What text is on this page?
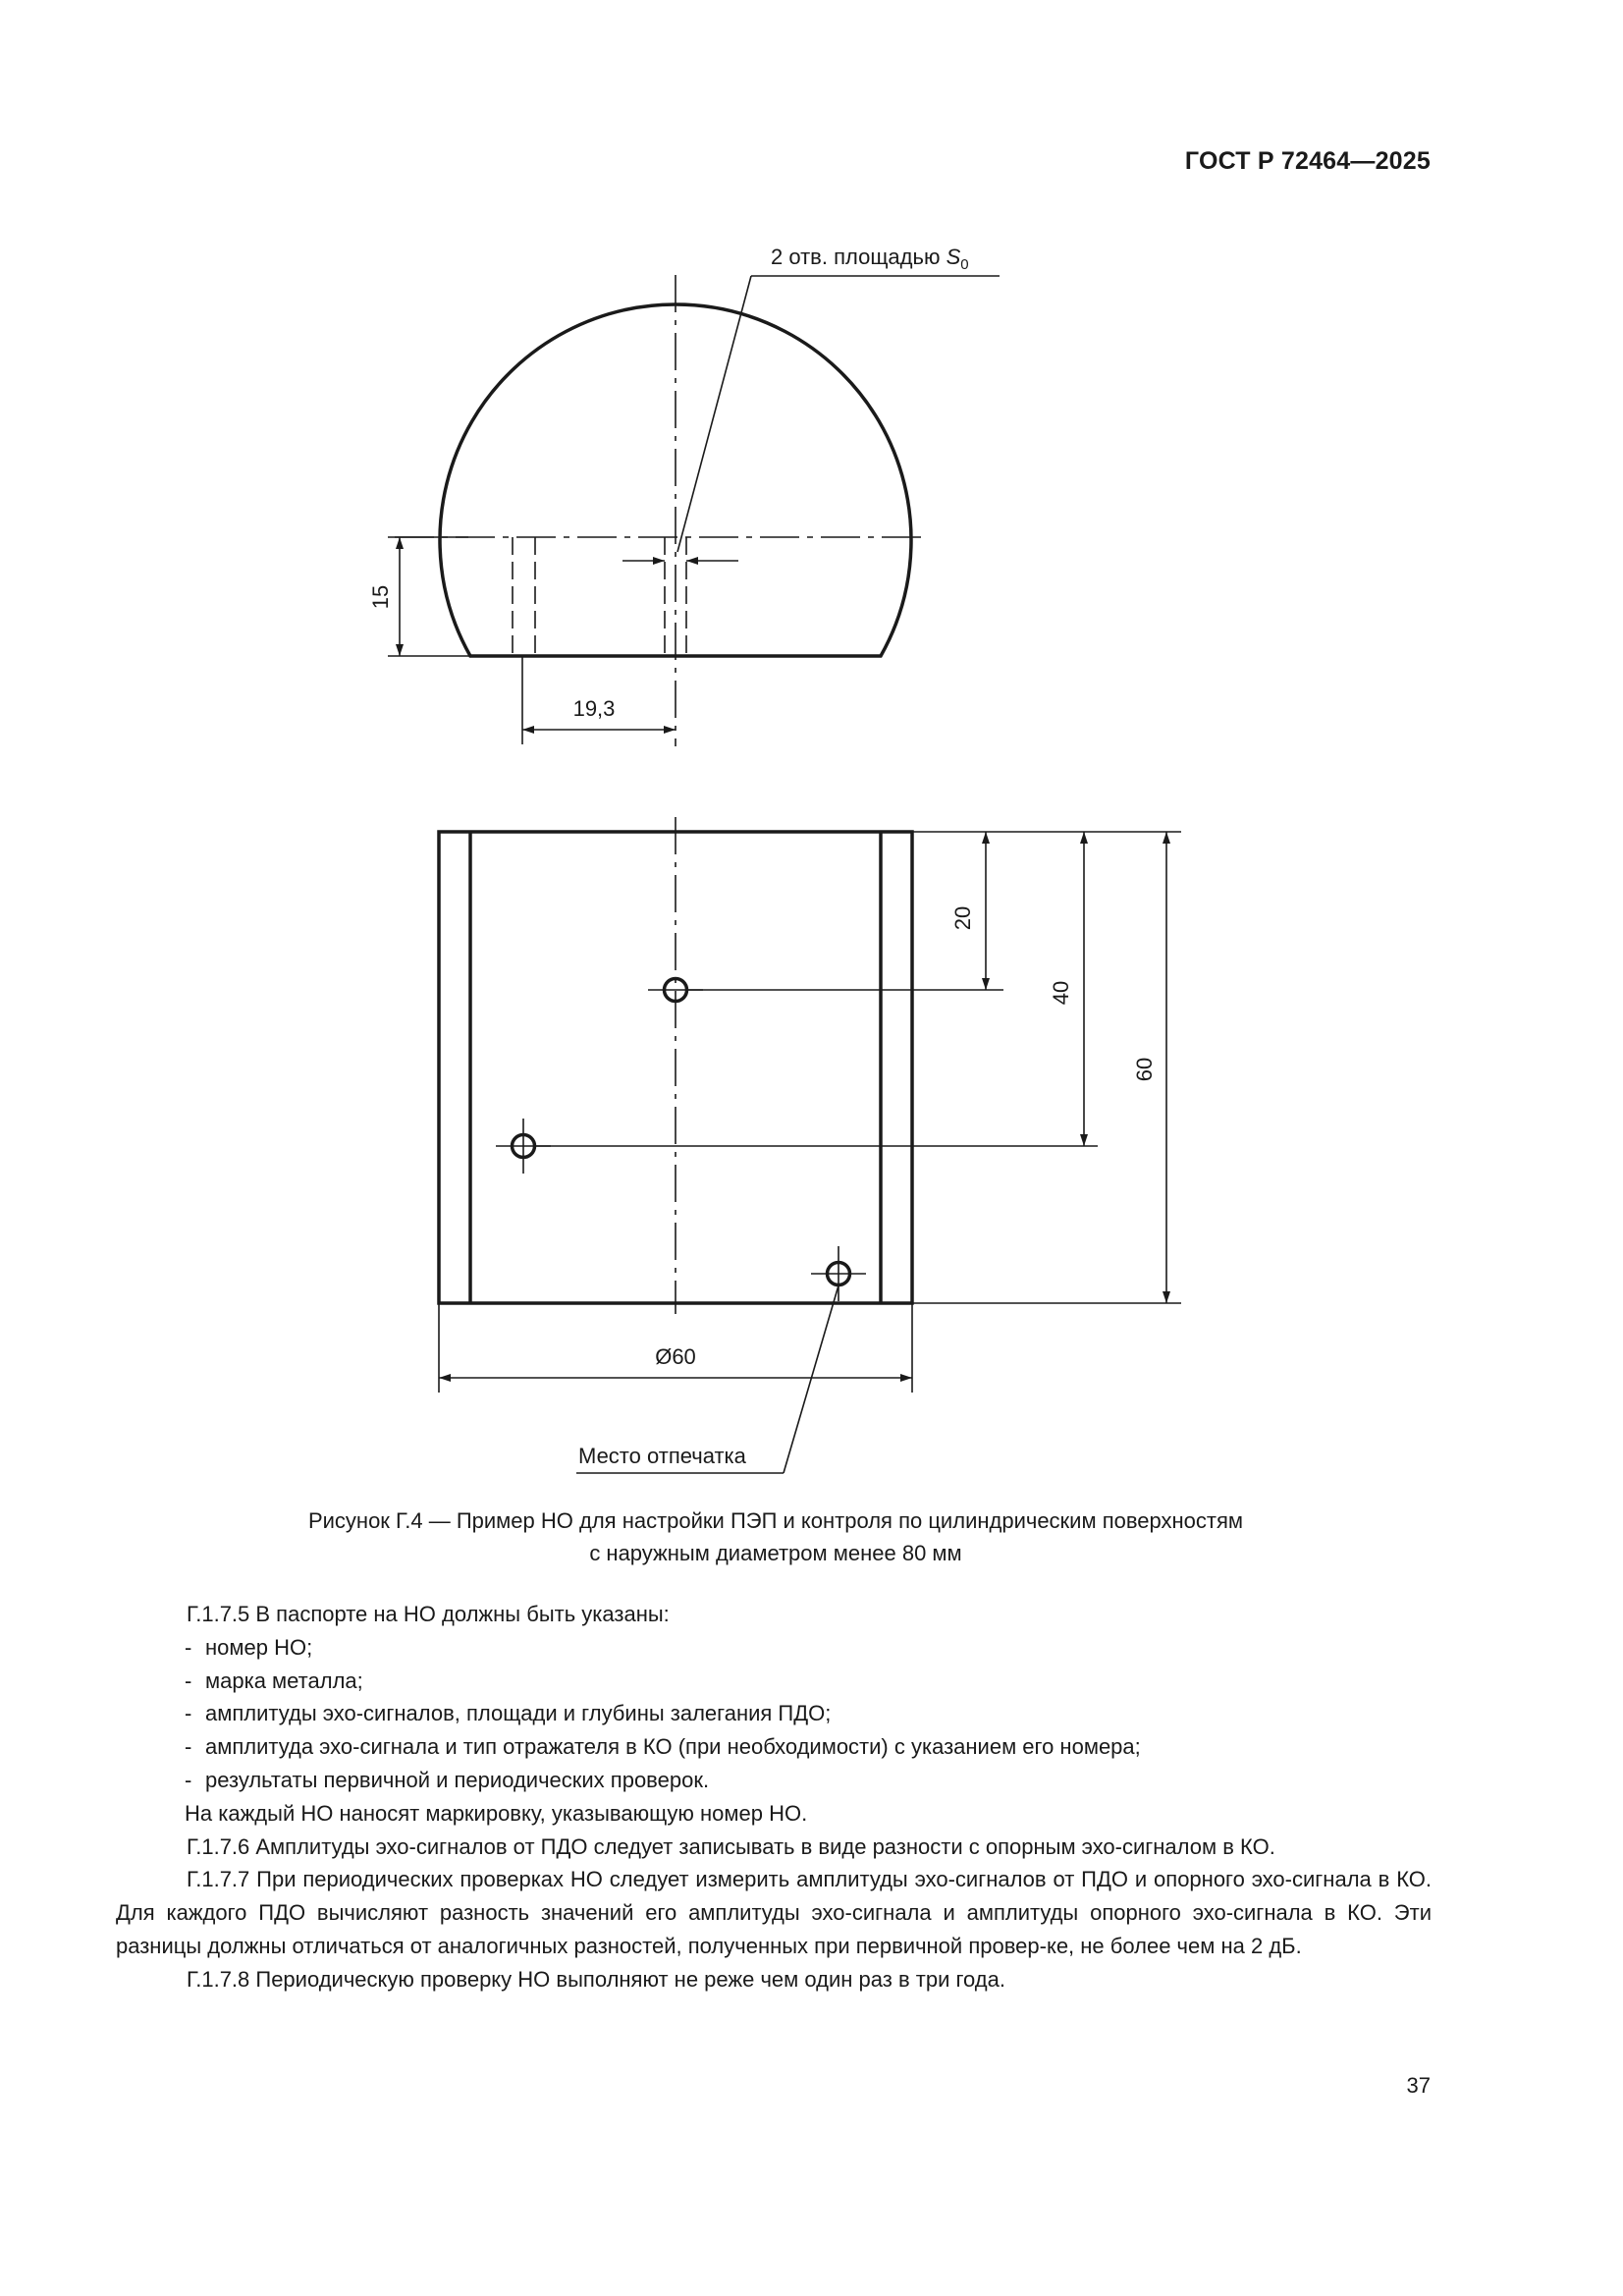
ГОСТ Р 72464—2025
2 отв. площадью $S_0$
15
19,3
20
40
60
Ø60
Место отпечатка
Рисунок Г.4 — Пример НО для настройки ПЭП и контроля по цилиндрическим поверхностям
с наружным диаметром менее 80 мм

Г.1.7.5 В паспорте на НО должны быть указаны:

- номер НО;

- марка металла;

- амплитуды эхо-сигналов, площади и глубины залегания ПДО;

- амплитуда эхо-сигнала и тип отражателя в КО (при необходимости) с указанием его номера;

- результаты первичной и периодических проверок.

На каждый НО наносят маркировку, указывающую номер НО.

Г.1.7.6 Амплитуды эхо-сигналов от ПДО следует записывать в виде разности с опорным эхо-сигналом в КО.

Г.1.7.7 При периодических проверках НО следует измерить амплитуды эхо-сигналов от ПДО и опорного эхо-сигнала в КО. Для каждого ПДО вычисляют разность значений его амплитуды эхо-сигнала и амплитуды опорного эхо-сигнала в КО. Эти разницы должны отличаться от аналогичных разностей, полученных при первичной провер-ке, не более чем на 2 дБ.

Г.1.7.8 Периодическую проверку НО выполняют не реже чем один раз в три года.

37
